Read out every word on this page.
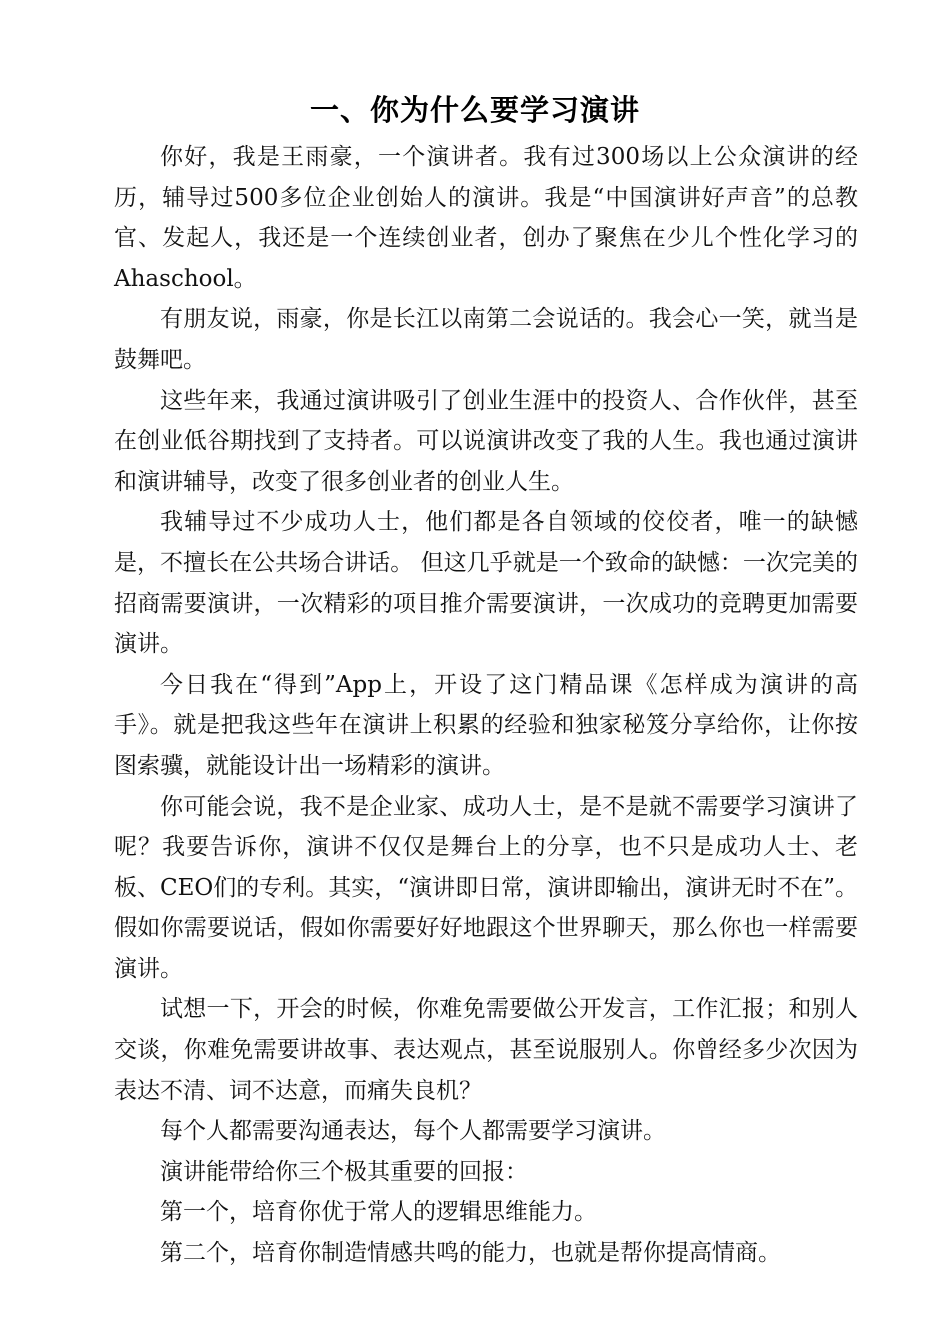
一、你为什么要学习演讲

你好，我是王雨豪，一个演讲者。我有过300场以上公众演讲的经历，辅导过500多位企业创始人的演讲。我是“中国演讲好声音”的总教官、发起人，我还是一个连续创业者，创办了聚焦在少儿个性化学习的Ahaschool。

有朋友说，雨豪，你是长江以南第二会说话的。我会心一笑，就当是鼓舞吧。

这些年来，我通过演讲吸引了创业生涯中的投资人、合作伙伴，甚至在创业低谷期找到了支持者。可以说演讲改变了我的人生。我也通过演讲和演讲辅导，改变了很多创业者的创业人生。

我辅导过不少成功人士，他们都是各自领域的佼佼者，唯一的缺憾是，不擅长在公共场合讲话。 但这几乎就是一个致命的缺憾：一次完美的招商需要演讲，一次精彩的项目推介需要演讲，一次成功的竞聘更加需要演讲。

今日我在“得到”App上，开设了这门精品课《怎样成为演讲的高手》。就是把我这些年在演讲上积累的经验和独家秘笈分享给你，让你按图索骥，就能设计出一场精彩的演讲。

你可能会说，我不是企业家、成功人士，是不是就不需要学习演讲了呢？我要告诉你，演讲不仅仅是舞台上的分享，也不只是成功人士、老板、CEO们的专利。其实，“演讲即日常，演讲即输出，演讲无时不在”。假如你需要说话，假如你需要好好地跟这个世界聊天，那么你也一样需要演讲。

试想一下，开会的时候，你难免需要做公开发言，工作汇报；和别人交谈，你难免需要讲故事、表达观点，甚至说服别人。你曾经多少次因为表达不清、词不达意，而痛失良机？

每个人都需要沟通表达，每个人都需要学习演讲。

演讲能带给你三个极其重要的回报：

第一个，培育你优于常人的逻辑思维能力。

第二个，培育你制造情感共鸣的能力，也就是帮你提高情商。
